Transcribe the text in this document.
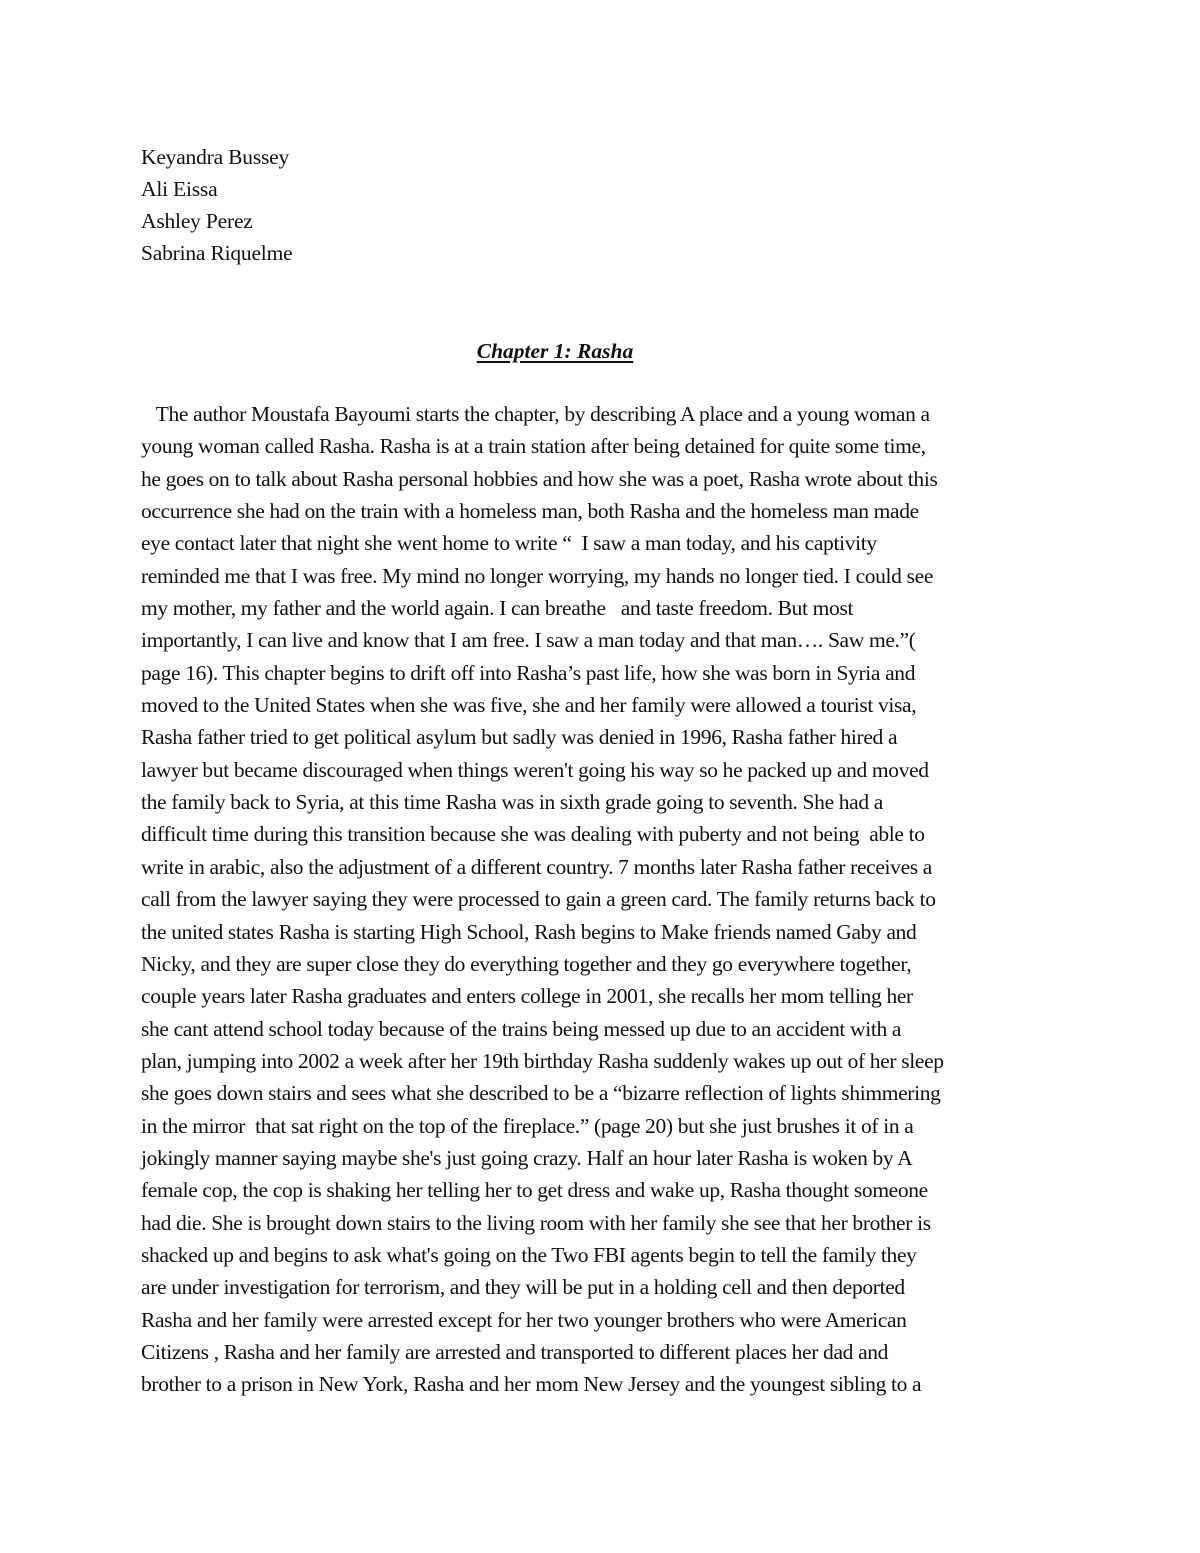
Keyandra Bussey
Ali Eissa
Ashley Perez
Sabrina Riquelme
Chapter 1: Rasha
The author Moustafa Bayoumi starts the chapter, by describing A place and a young woman a
young woman called Rasha. Rasha is at a train station after being detained for quite some time,
he goes on to talk about Rasha personal hobbies and how she was a poet, Rasha wrote about this
occurrence she had on the train with a homeless man, both Rasha and the homeless man made
eye contact later that night she went home to write “  I saw a man today, and his captivity
reminded me that I was free. My mind no longer worrying, my hands no longer tied. I could see
my mother, my father and the world again. I can breathe   and taste freedom. But most
importantly, I can live and know that I am free. I saw a man today and that man…. Saw me.”(
page 16). This chapter begins to drift off into Rasha’s past life, how she was born in Syria and
moved to the United States when she was five, she and her family were allowed a tourist visa,
Rasha father tried to get political asylum but sadly was denied in 1996, Rasha father hired a
lawyer but became discouraged when things weren't going his way so he packed up and moved
the family back to Syria, at this time Rasha was in sixth grade going to seventh. She had a
difficult time during this transition because she was dealing with puberty and not being  able to
write in arabic, also the adjustment of a different country. 7 months later Rasha father receives a
call from the lawyer saying they were processed to gain a green card. The family returns back to
the united states Rasha is starting High School, Rash begins to Make friends named Gaby and
Nicky, and they are super close they do everything together and they go everywhere together,
couple years later Rasha graduates and enters college in 2001, she recalls her mom telling her
she cant attend school today because of the trains being messed up due to an accident with a
plan, jumping into 2002 a week after her 19th birthday Rasha suddenly wakes up out of her sleep
she goes down stairs and sees what she described to be a “bizarre reflection of lights shimmering
in the mirror  that sat right on the top of the fireplace.” (page 20) but she just brushes it of in a
jokingly manner saying maybe she's just going crazy. Half an hour later Rasha is woken by A
female cop, the cop is shaking her telling her to get dress and wake up, Rasha thought someone
had die. She is brought down stairs to the living room with her family she see that her brother is
shacked up and begins to ask what's going on the Two FBI agents begin to tell the family they
are under investigation for terrorism, and they will be put in a holding cell and then deported
Rasha and her family were arrested except for her two younger brothers who were American
Citizens , Rasha and her family are arrested and transported to different places her dad and
brother to a prison in New York, Rasha and her mom New Jersey and the youngest sibling to a
